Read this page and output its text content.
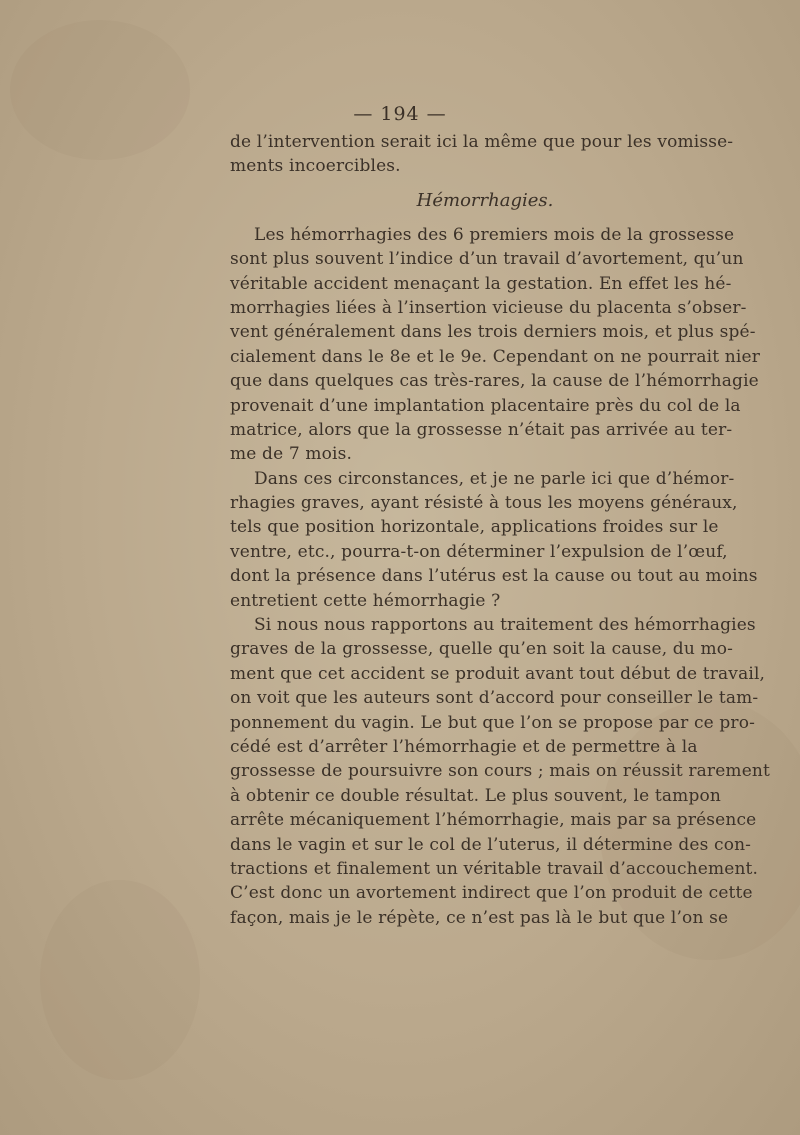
— 194 —
de l’intervention serait ici la même que pour les vomisse-
ments incoercibles.
Hémorrhagies.
Les hémorrhagies des 6 premiers mois de la grossesse
sont plus souvent l’indice d’un travail d’avortement, qu’un
véritable accident menaçant la gestation. En effet les hé-
morrhagies liées à l’insertion vicieuse du placenta s’obser-
vent généralement dans les trois derniers mois, et plus spé-
cialement dans le 8e et le 9e. Cependant on ne pourrait nier
que dans quelques cas très-rares, la cause de l’hémorrhagie
provenait d’une implantation placentaire près du col de la
matrice, alors que la grossesse n’était pas arrivée au ter-
me de 7 mois.
Dans ces circonstances, et je ne parle ici que d’hémor-
rhagies graves, ayant résisté à tous les moyens généraux,
tels que position horizontale, applications froides sur le
ventre, etc., pourra-t-on déterminer l’expulsion de l’œuf,
dont la présence dans l’utérus est la cause ou tout au moins
entretient cette hémorrhagie ?
Si nous nous rapportons au traitement des hémorrhagies
graves de la grossesse, quelle qu’en soit la cause, du mo-
ment que cet accident se produit avant tout début de travail,
on voit que les auteurs sont d’accord pour conseiller le tam-
ponnement du vagin. Le but que l’on se propose par ce pro-
cédé est d’arrêter l’hémorrhagie et de permettre à la
grossesse de poursuivre son cours ; mais on réussit rarement
à obtenir ce double résultat. Le plus souvent, le tampon
arrête mécaniquement l’hémorrhagie, mais par sa présence
dans le vagin et sur le col de l’uterus, il détermine des con-
tractions et finalement un véritable travail d’accouchement.
C’est donc un avortement indirect que l’on produit de cette
façon, mais je le répète, ce n’est pas là le but que l’on se
